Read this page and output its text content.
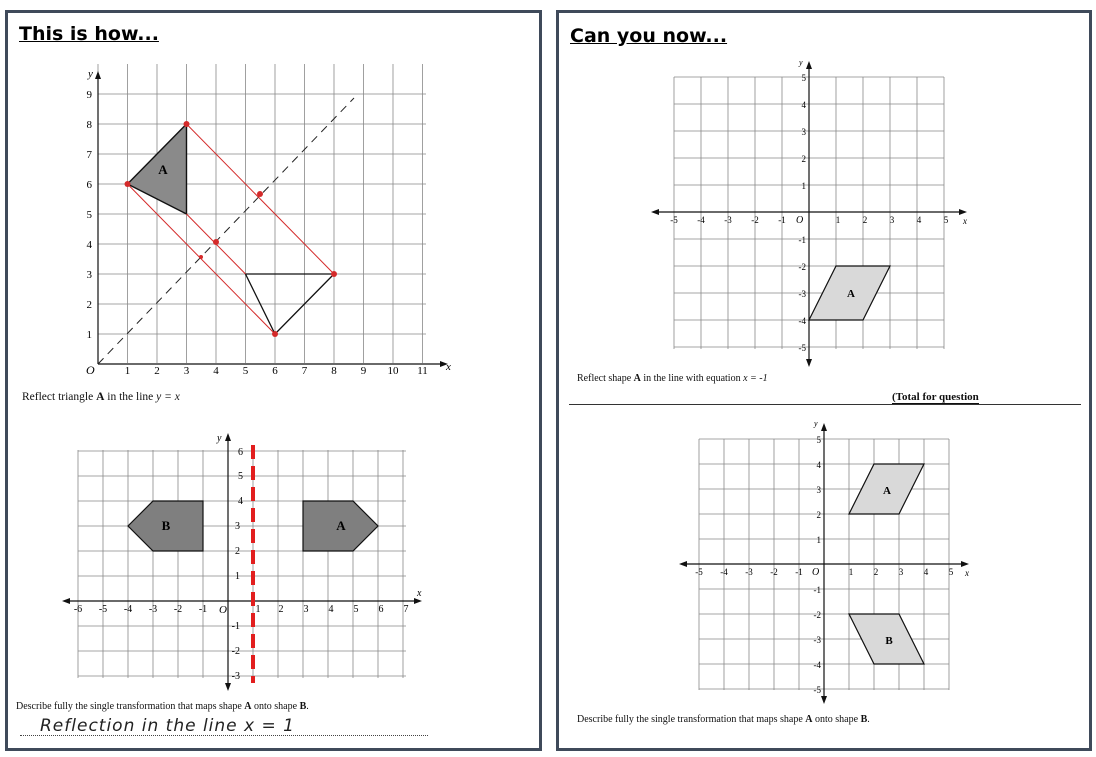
This is how...
y
x
O	1 2 3 4 5 6 7 8 9 10 11
1
2
3
4
5
6
7
8
9
A
Reflect triangle A in the line y = x
y
x
O
-6 -5 -4 -3 -2 -1	1 2 3 4 5 6 7
6
5
4
3
2
1
-1
-2
-3
B	A
Describe fully the single transformation that maps shape A onto shape B.
Reflection in the line x = 1
Can you now...
y
x
O
-5 -4 -3 -2 -1	1	2	3	4	5
5
4
3
2
1
-1
-2
-3
-4
-5
A
Reflect shape A in the line with equation x = -1
(Total for question
y
x
O
-5 -4 -3 -2 -1	1 2 3 4 5
5
4
3
2
1
-1
-2
-3
-4
-5
A
B
Describe fully the single transformation that maps shape A onto shape B.
